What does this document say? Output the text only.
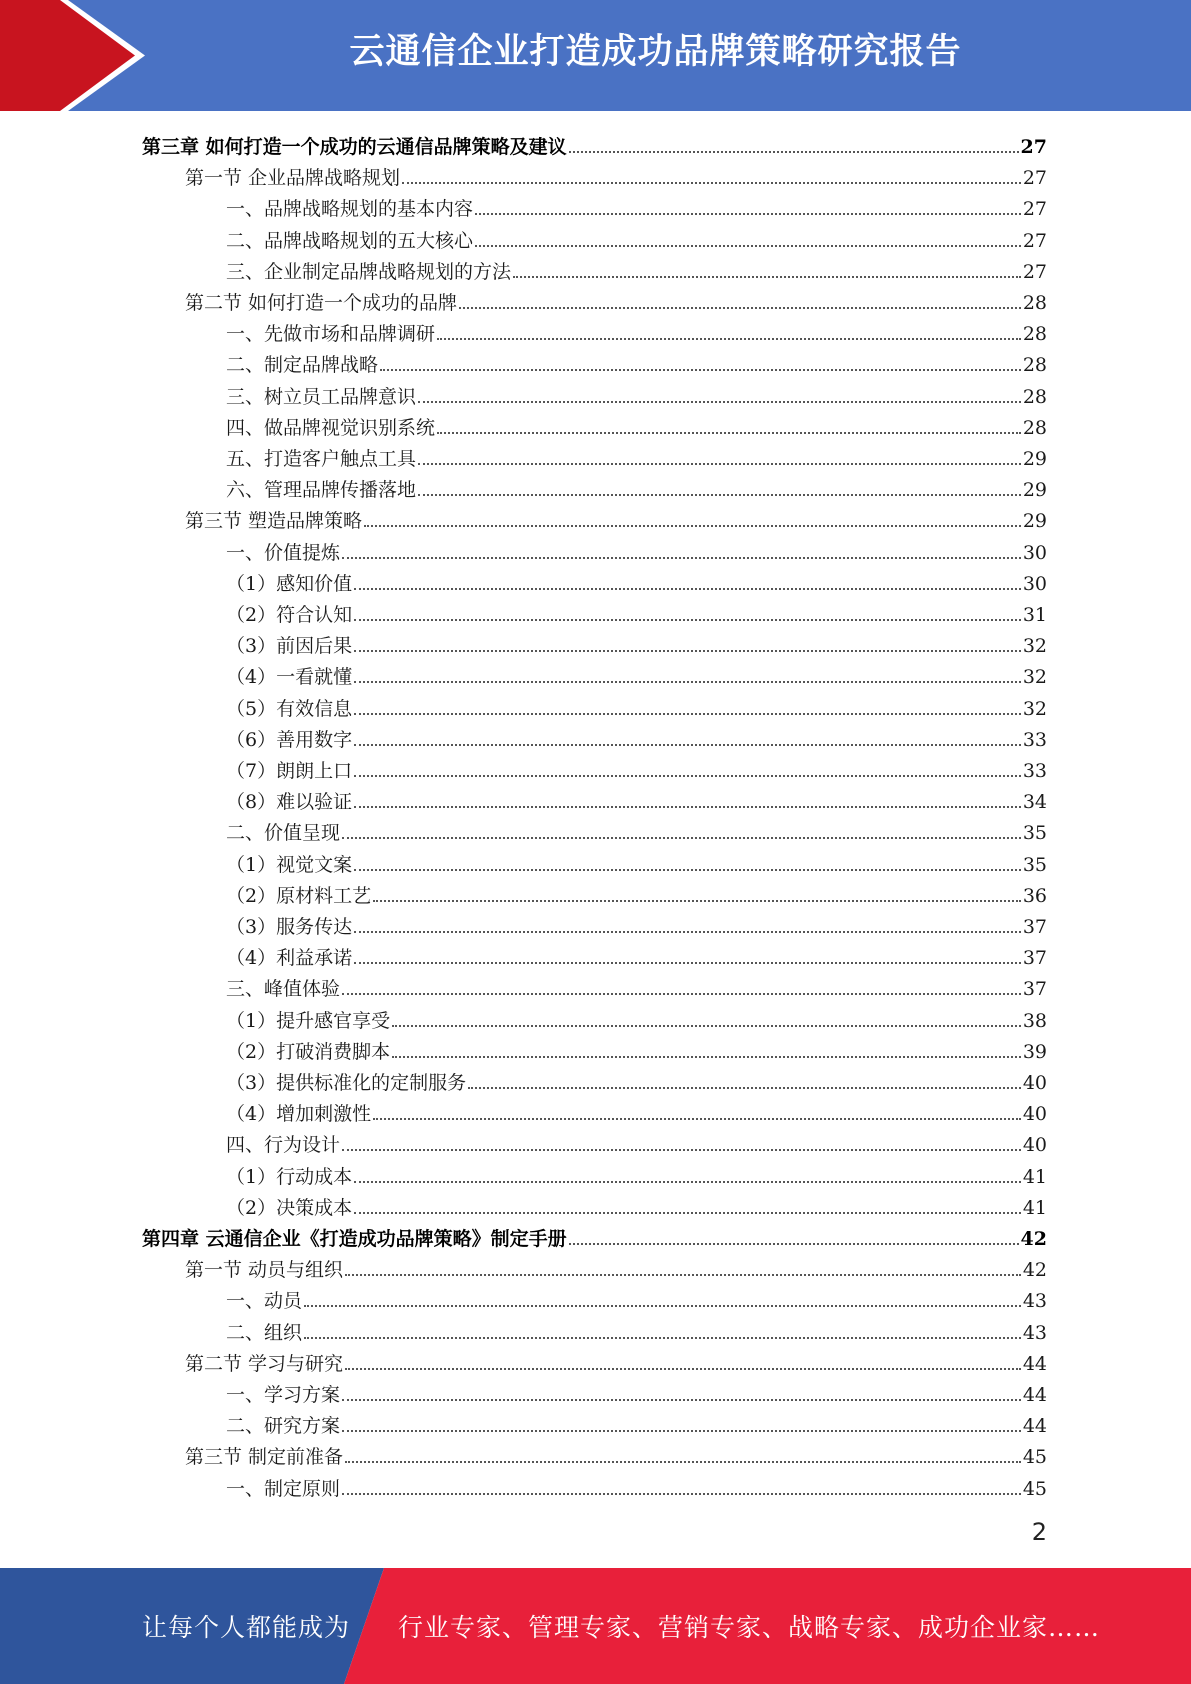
云通信企业打造成功品牌策略研究报告
第三章 如何打造一个成功的云通信品牌策略及建议	27
第一节 企业品牌战略规划	27
一、品牌战略规划的基本内容	27
二、品牌战略规划的五大核心	27
三、企业制定品牌战略规划的方法	27
第二节 如何打造一个成功的品牌	28
一、先做市场和品牌调研	28
二、制定品牌战略	28
三、树立员工品牌意识	28
四、做品牌视觉识别系统	28
五、打造客户触点工具	29
六、管理品牌传播落地	29
第三节 塑造品牌策略	29
一、价值提炼	30
（1）感知价值	30
（2）符合认知	31
（3）前因后果	32
（4）一看就懂	32
（5）有效信息	32
（6）善用数字	33
（7）朗朗上口	33
（8）难以验证	34
二、价值呈现	35
（1）视觉文案	35
（2）原材料工艺	36
（3）服务传达	37
（4）利益承诺	37
三、峰值体验	37
（1）提升感官享受	38
（2）打破消费脚本	39
（3）提供标准化的定制服务	40
（4）增加刺激性	40
四、行为设计	40
（1）行动成本	41
（2）决策成本	41
第四章 云通信企业《打造成功品牌策略》制定手册	42
第一节 动员与组织	42
一、动员	43
二、组织	43
第二节 学习与研究	44
一、学习方案	44
二、研究方案	44
第三节 制定前准备	45
一、制定原则	45
2
让每个人都能成为 行业专家、管理专家、营销专家、战略专家、成功企业家……
